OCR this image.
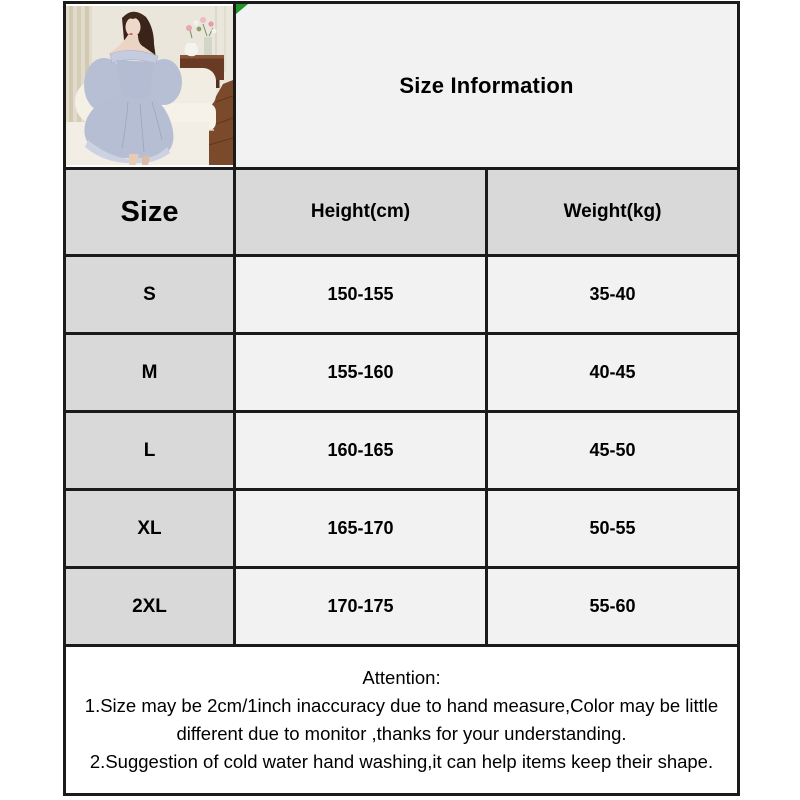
Size Information	

Size	Height(cm)	Weight(kg)
S	150-155	35-40
M	155-160	40-45
L	160-165	45-50
XL	165-170	50-55
2XL	170-175	55-60

Attention:
1.Size may be 2cm/1inch inaccuracy due to hand measure,Color may be little
different due to monitor ,thanks for your understanding.
2.Suggestion of cold water hand washing,it can help items keep their shape.		
